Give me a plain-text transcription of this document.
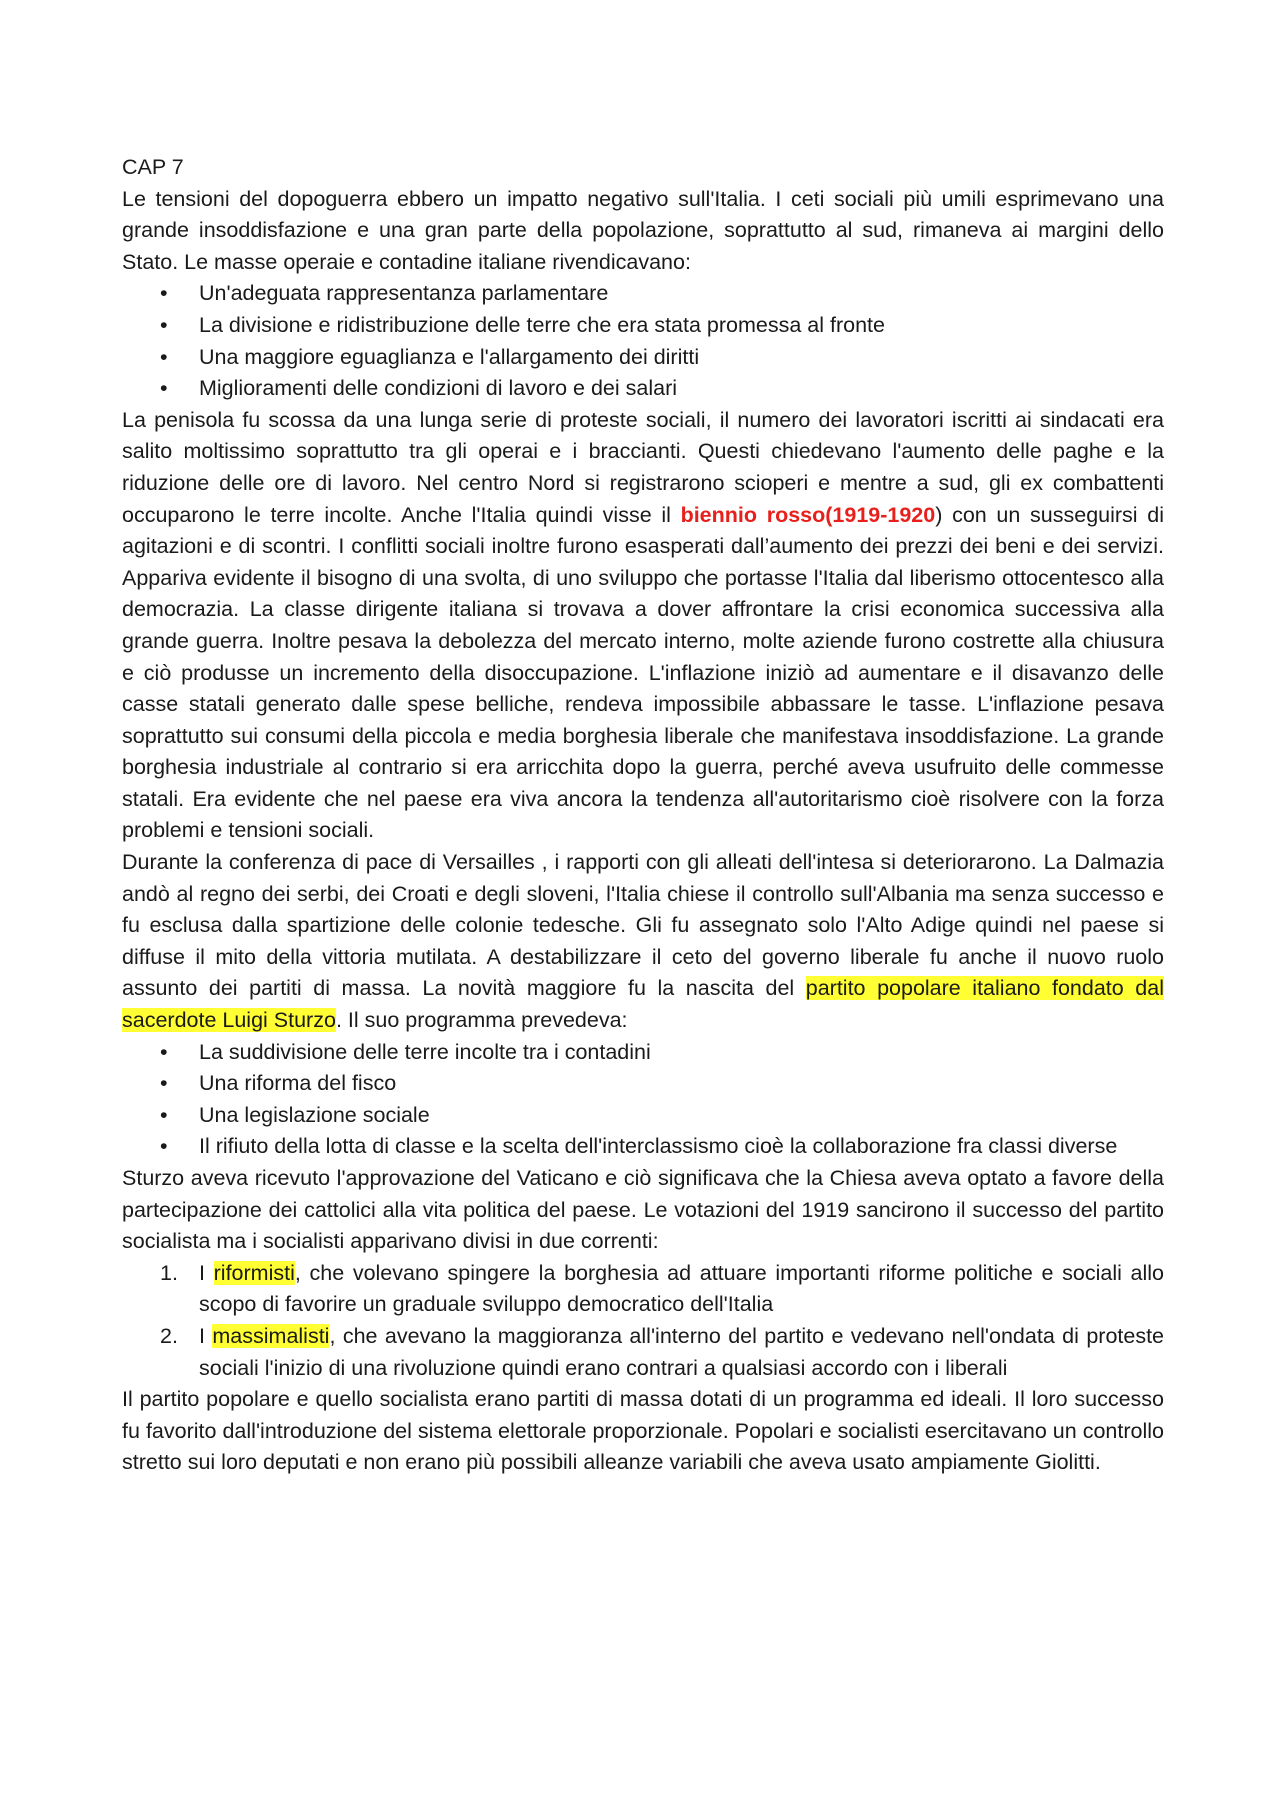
CAP 7

Le tensioni del dopoguerra ebbero un impatto negativo sull'Italia. I ceti sociali più umili esprimevano una grande insoddisfazione e una gran parte della popolazione, soprattutto al sud, rimaneva ai margini dello Stato. Le masse operaie e contadine italiane rivendicavano:

• Un'adeguata rappresentanza parlamentare
• La divisione e ridistribuzione delle terre che era stata promessa al fronte
• Una maggiore eguaglianza e l'allargamento dei diritti
• Miglioramenti delle condizioni di lavoro e dei salari

La penisola fu scossa da una lunga serie di proteste sociali, il numero dei lavoratori iscritti ai sindacati era salito moltissimo soprattutto tra gli operai e i braccianti. Questi chiedevano l'aumento delle paghe e la riduzione delle ore di lavoro. Nel centro Nord si registrarono scioperi e mentre a sud, gli ex combattenti occuparono le terre incolte. Anche l'Italia quindi visse il biennio rosso(1919-1920) con un susseguirsi di agitazioni e di scontri. I conflitti sociali inoltre furono esasperati dall’aumento dei prezzi dei beni e dei servizi. Appariva evidente il bisogno di una svolta, di uno sviluppo che portasse l'Italia dal liberismo ottocentesco alla democrazia. La classe dirigente italiana si trovava a dover affrontare la crisi economica successiva alla grande guerra. Inoltre pesava la debolezza del mercato interno, molte aziende furono costrette alla chiusura e ciò produsse un incremento della disoccupazione. L'inflazione iniziò ad aumentare e il disavanzo delle casse statali generato dalle spese belliche, rendeva impossibile abbassare le tasse. L'inflazione pesava soprattutto sui consumi della piccola e media borghesia liberale che manifestava insoddisfazione. La grande borghesia industriale al contrario si era arricchita dopo la guerra, perché aveva usufruito delle commesse statali. Era evidente che nel paese era viva ancora la tendenza all'autoritarismo cioè risolvere con la forza problemi e tensioni sociali.

Durante la conferenza di pace di Versailles , i rapporti con gli alleati dell'intesa si deteriorarono. La Dalmazia andò al regno dei serbi, dei Croati e degli sloveni, l'Italia chiese il controllo sull'Albania ma senza successo e fu esclusa dalla spartizione delle colonie tedesche. Gli fu assegnato solo l'Alto Adige quindi nel paese si diffuse il mito della vittoria mutilata. A destabilizzare il ceto del governo liberale fu anche il nuovo ruolo assunto dei partiti di massa. La novità maggiore fu la nascita del partito popolare italiano fondato dal sacerdote Luigi Sturzo. Il suo programma prevedeva:

• La suddivisione delle terre incolte tra i contadini
• Una riforma del fisco
• Una legislazione sociale
• Il rifiuto della lotta di classe e la scelta dell'interclassismo cioè la collaborazione fra classi diverse

Sturzo aveva ricevuto l'approvazione del Vaticano e ciò significava che la Chiesa aveva optato a favore della partecipazione dei cattolici alla vita politica del paese. Le votazioni del 1919 sancirono il successo del partito socialista ma i socialisti apparivano divisi in due correnti:

1. I riformisti, che volevano spingere la borghesia ad attuare importanti riforme politiche e sociali allo scopo di favorire un graduale sviluppo democratico dell'Italia
2. I massimalisti, che avevano la maggioranza all'interno del partito e vedevano nell'ondata di proteste sociali l'inizio di una rivoluzione quindi erano contrari a qualsiasi accordo con i liberali

Il partito popolare e quello socialista erano partiti di massa dotati di un programma ed ideali. Il loro successo fu favorito dall'introduzione del sistema elettorale proporzionale. Popolari e socialisti esercitavano un controllo stretto sui loro deputati e non erano più possibili alleanze variabili che aveva usato ampiamente Giolitti.
